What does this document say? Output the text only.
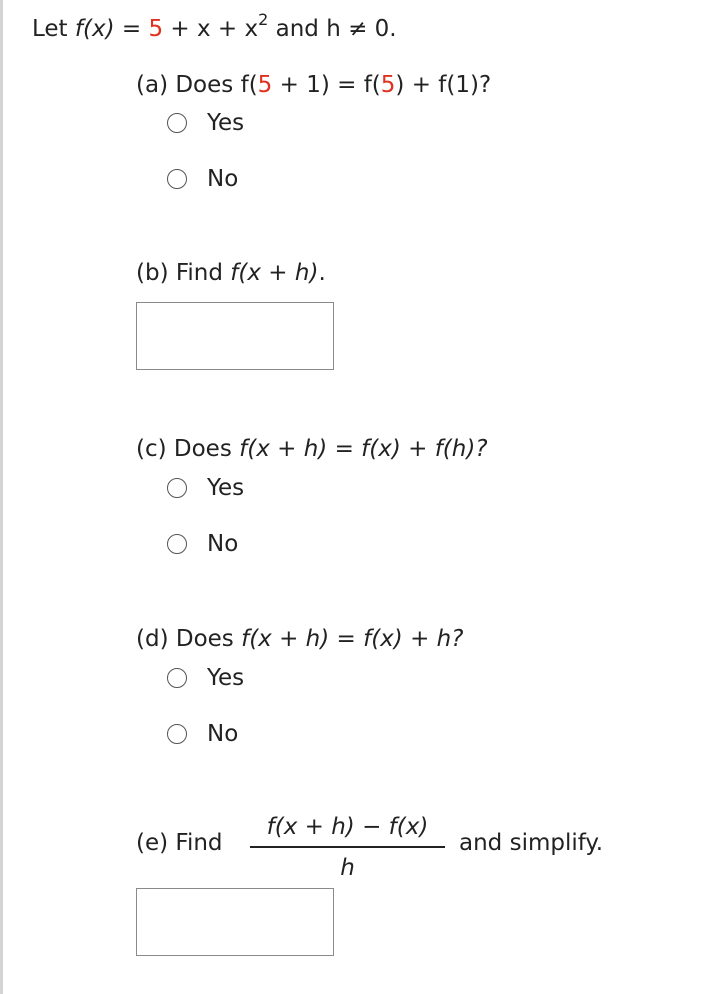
Let $f(x) = 5 + x + x^2$ and h ≠ 0.
(a) Does f(5 + 1) = f(5) + f(1)?
Yes
No
(b) Find f(x + h).
(c) Does f(x + h) = f(x) + f(h)?
Yes
No
(d) Does f(x + h) = f(x) + h?
Yes
No
(e) Find
f(x + h) − f(x)
h
and simplify.
